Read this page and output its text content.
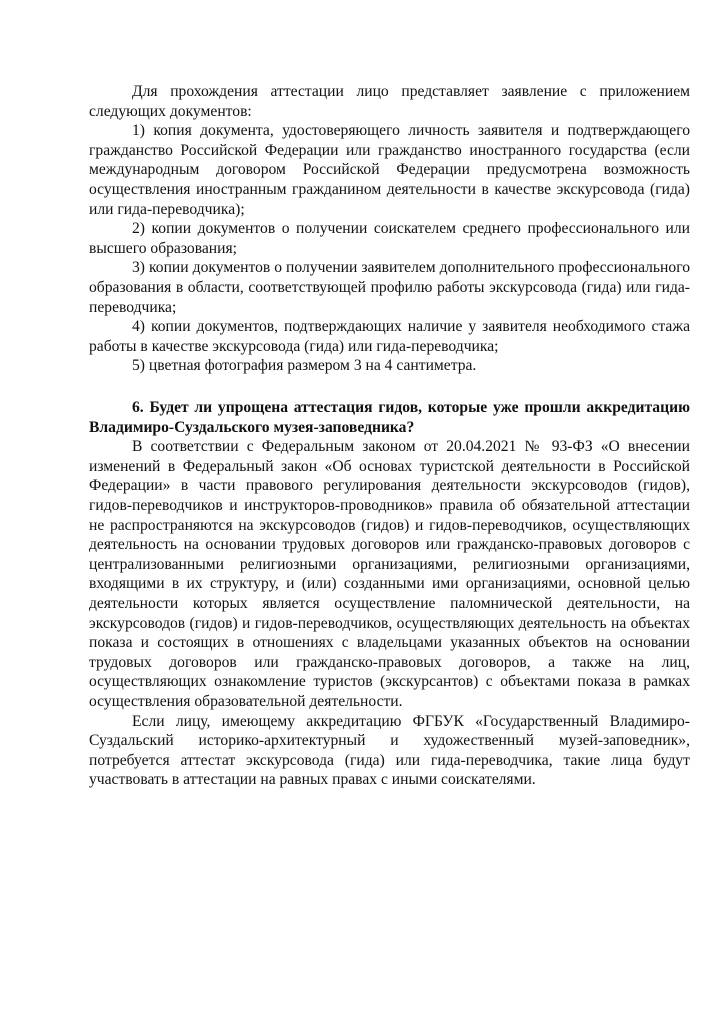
Для прохождения аттестации лицо представляет заявление с приложением следующих документов:

1) копия документа, удостоверяющего личность заявителя и подтверждающего гражданство Российской Федерации или гражданство иностранного государства (если международным договором Российской Федерации предусмотрена возможность осуществления иностранным гражданином деятельности в качестве экскурсовода (гида) или гида-переводчика);

2) копии документов о получении соискателем среднего профессионального или высшего образования;

3) копии документов о получении заявителем дополнительного профессионального образования в области, соответствующей профилю работы экскурсовода (гида) или гида-переводчика;

4) копии документов, подтверждающих наличие у заявителя необходимого стажа работы в качестве экскурсовода (гида) или гида-переводчика;

5) цветная фотография размером 3 на 4 сантиметра.

6. Будет ли упрощена аттестация гидов, которые уже прошли аккредитацию Владимиро-Суздальского музея-заповедника?

В соответствии с Федеральным законом от 20.04.2021 № 93-ФЗ «О внесении изменений в Федеральный закон «Об основах туристской деятельности в Российской Федерации» в части правового регулирования деятельности экскурсоводов (гидов), гидов-переводчиков и инструкторов-проводников» правила об обязательной аттестации не распространяются на экскурсоводов (гидов) и гидов-переводчиков, осуществляющих деятельность на основании трудовых договоров или гражданско-правовых договоров с централизованными религиозными организациями, религиозными организациями, входящими в их структуру, и (или) созданными ими организациями, основной целью деятельности которых является осуществление паломнической деятельности, на экскурсоводов (гидов) и гидов-переводчиков, осуществляющих деятельность на объектах показа и состоящих в отношениях с владельцами указанных объектов на основании трудовых договоров или гражданско-правовых договоров, а также на лиц, осуществляющих ознакомление туристов (экскурсантов) с объектами показа в рамках осуществления образовательной деятельности.

Если лицу, имеющему аккредитацию ФГБУК «Государственный Владимиро-Суздальский историко-архитектурный и художественный музей-заповедник», потребуется аттестат экскурсовода (гида) или гида-переводчика, такие лица будут участвовать в аттестации на равных правах с иными соискателями.
